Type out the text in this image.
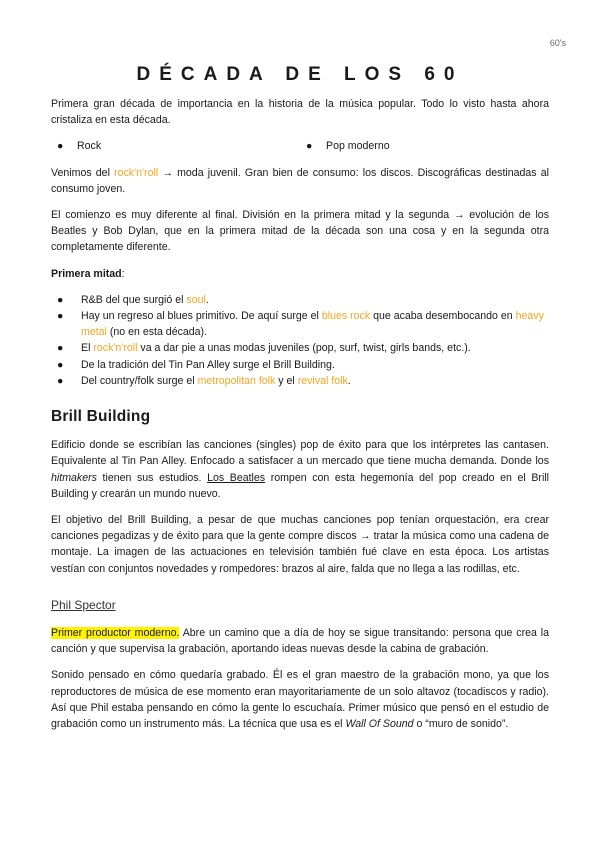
60's
DÉCADA DE LOS 60

Primera gran década de importancia en la historia de la música popular. Todo lo visto hasta ahora cristaliza en esta década.

●	Rock	●	Pop moderno

Venimos del rock'n'roll → moda juvenil. Gran bien de consumo: los discos. Discográficas destinadas al consumo joven.

El comienzo es muy diferente al final. División en la primera mitad y la segunda → evolución de los Beatles y Bob Dylan, que en la primera mitad de la década son una cosa y en la segunda otra completamente diferente.

Primera mitad:

●	R&B del que surgió el soul.
●	Hay un regreso al blues primitivo. De aquí surge el blues rock que acaba desembocando en heavy metal (no en esta década).
●	El rock'n'roll va a dar pie a unas modas juveniles (pop, surf, twist, girls bands, etc.).
●	De la tradición del Tin Pan Alley surge el Brill Building.
●	Del country/folk surge el metropolitan folk y el revival folk.
Brill Building

Edificio donde se escribían las canciones (singles) pop de éxito para que los intérpretes las cantasen. Equivalente al Tin Pan Alley. Enfocado a satisfacer a un mercado que tiene mucha demanda. Donde los hitmakers tienen sus estudios. Los Beatles rompen con esta hegemonía del pop creado en el Brill Building y crearán un mundo nuevo.

El objetivo del Brill Building, a pesar de que muchas canciones pop tenían orquestación, era crear canciones pegadizas y de éxito para que la gente compre discos → tratar la música como una cadena de montaje. La imagen de las actuaciones en televisión también fué clave en esta época. Los artistas vestían con conjuntos novedades y rompedores: brazos al aire, falda que no llega a las rodillas, etc.

Phil Spector

Primer productor moderno. Abre un camino que a día de hoy se sigue transitando: persona que crea la canción y que supervisa la grabación, aportando ideas nuevas desde la cabina de grabación.

Sonido pensado en cómo quedaría grabado. Él es el gran maestro de la grabación mono, ya que los reproductores de música de ese momento eran mayoritariamente de un solo altavoz (tocadiscos y radio). Así que Phil estaba pensando en cómo la gente lo escuchaía. Primer músico que pensó en el estudio de grabación como un instrumento más. La técnica que usa es el Wall Of Sound o “muro de sonido”.
